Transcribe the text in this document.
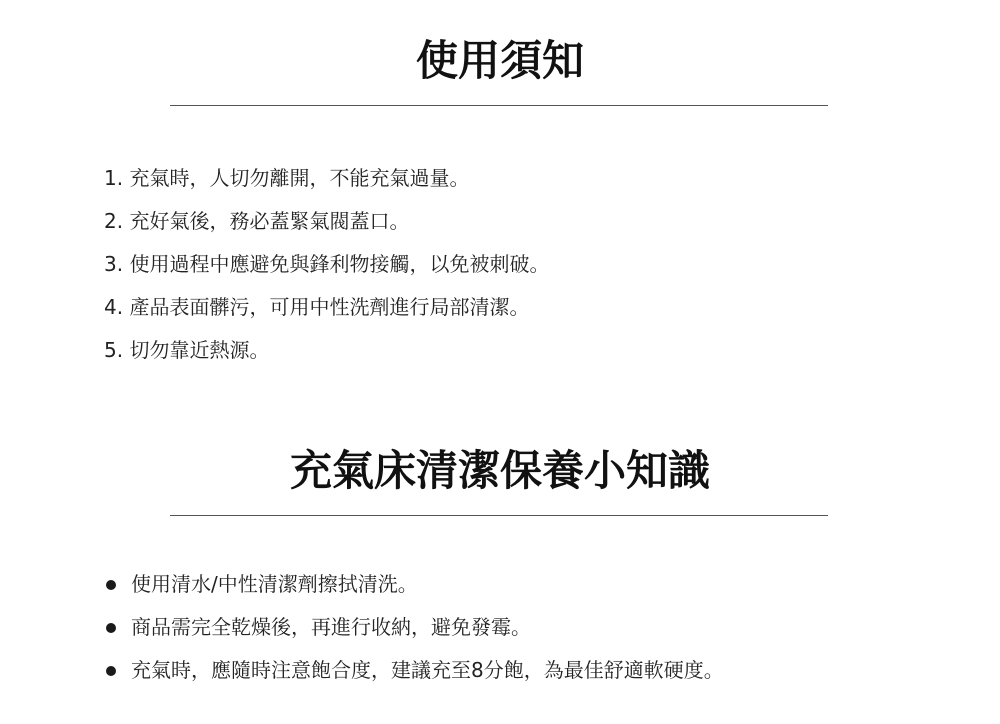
使用須知
1. 充氣時，人切勿離開，不能充氣過量。
2. 充好氣後，務必蓋緊氣閥蓋口。
3. 使用過程中應避免與鋒利物接觸，以免被刺破。
4. 產品表面髒污，可用中性洗劑進行局部清潔。
5. 切勿靠近熱源。
充氣床清潔保養小知識
使用清水/中性清潔劑擦拭清洗。
商品需完全乾燥後，再進行收納，避免發霉。
充氣時，應隨時注意飽合度，建議充至8分飽，為最佳舒適軟硬度。
